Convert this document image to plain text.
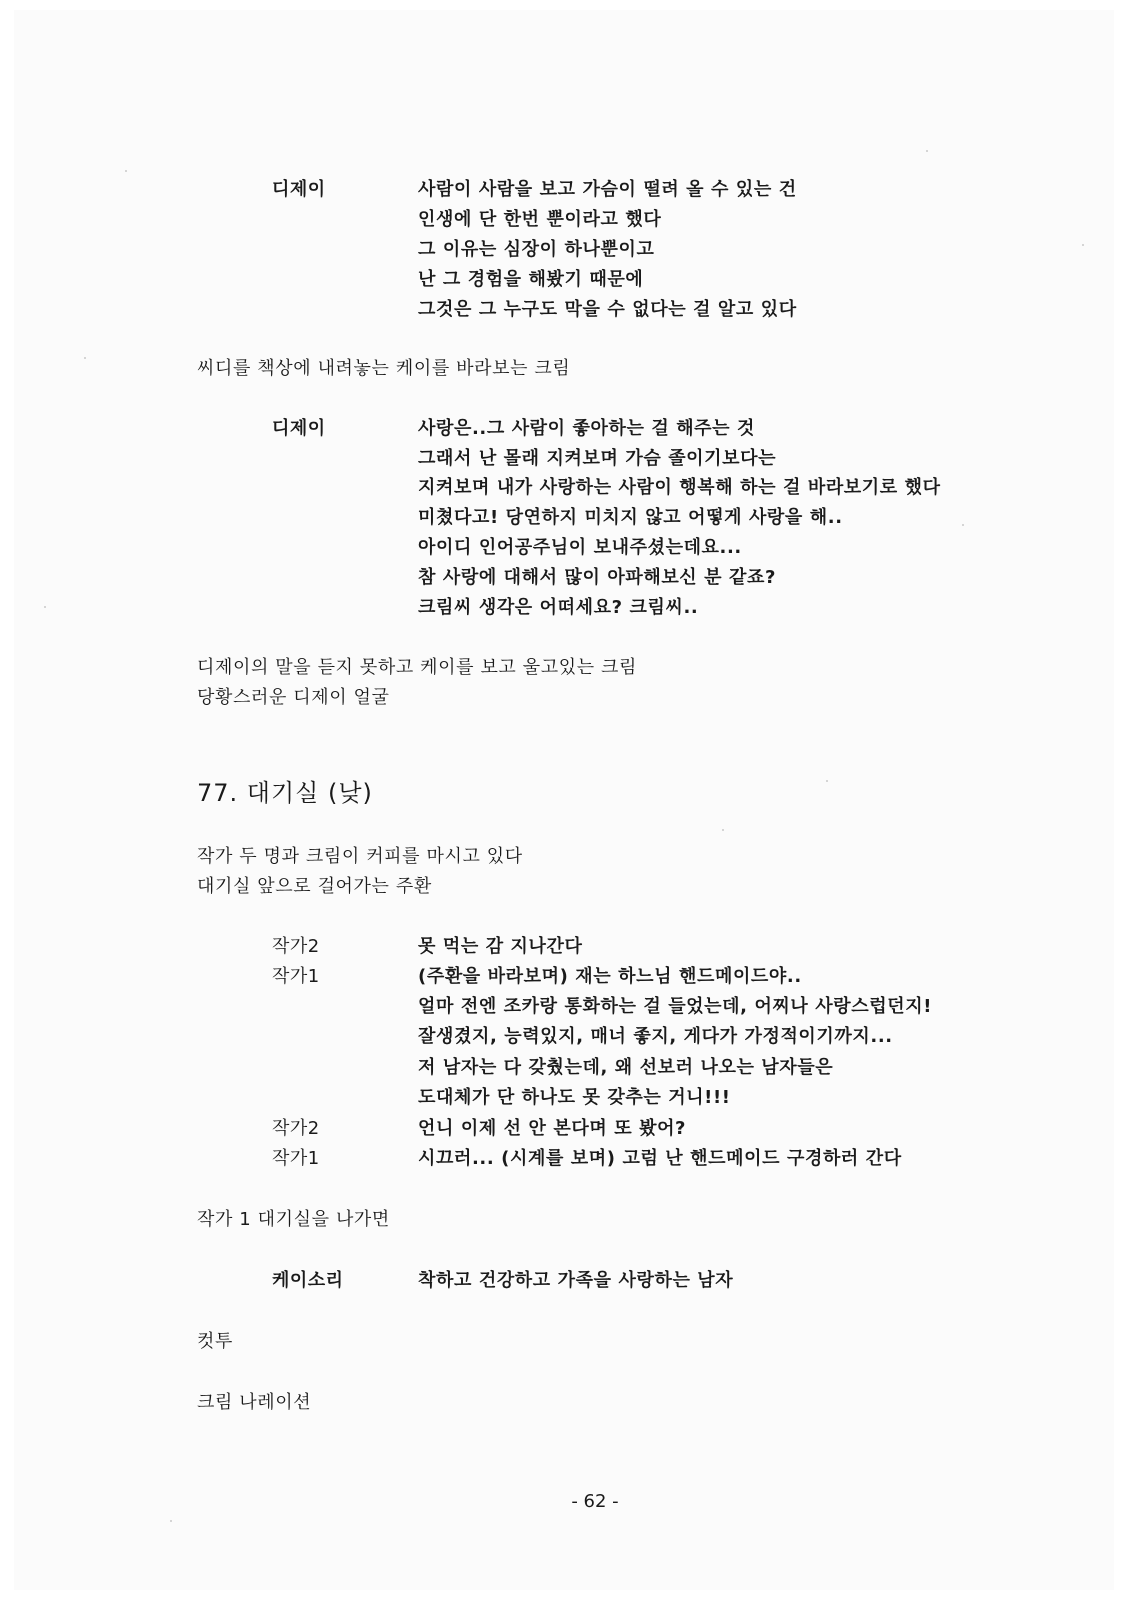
디제이	사람이 사람을 보고 가슴이 떨려 올 수 있는 건
인생에 단 한번 뿐이라고 했다
그 이유는 심장이 하나뿐이고
난 그 경험을 해봤기 때문에
그것은 그 누구도 막을 수 없다는 걸 알고 있다
씨디를 책상에 내려놓는 케이를 바라보는 크림
디제이	사랑은..그 사람이 좋아하는 걸 해주는 것
그래서 난 몰래 지켜보며 가슴 졸이기보다는
지켜보며 내가 사랑하는 사람이 행복해 하는 걸 바라보기로 했다
미쳤다고! 당연하지 미치지 않고 어떻게 사랑을 해..
아이디 인어공주님이 보내주셨는데요...
참 사랑에 대해서 많이 아파해보신 분 같죠?
크림씨 생각은 어떠세요? 크림씨..
디제이의 말을 듣지 못하고 케이를 보고 울고있는 크림
당황스러운 디제이 얼굴
77. 대기실 (낮)
작가 두 명과 크림이 커피를 마시고 있다
대기실 앞으로 걸어가는 주환
작가2	못 먹는 감 지나간다
작가1	(주환을 바라보며) 재는 하느님 핸드메이드야..
얼마 전엔 조카랑 통화하는 걸 들었는데, 어찌나 사랑스럽던지!
잘생겼지, 능력있지, 매너 좋지, 게다가 가정적이기까지...
저 남자는 다 갖췄는데, 왜 선보러 나오는 남자들은
도대체가 단 하나도 못 갖추는 거니!!!
작가2	언니 이제 선 안 본다며 또 봤어?
작가1	시끄러... (시계를 보며) 고럼 난 핸드메이드 구경하러 간다
작가 1 대기실을 나가면
케이소리	착하고 건강하고 가족을 사랑하는 남자
컷투
크림 나레이션
- 62 -
